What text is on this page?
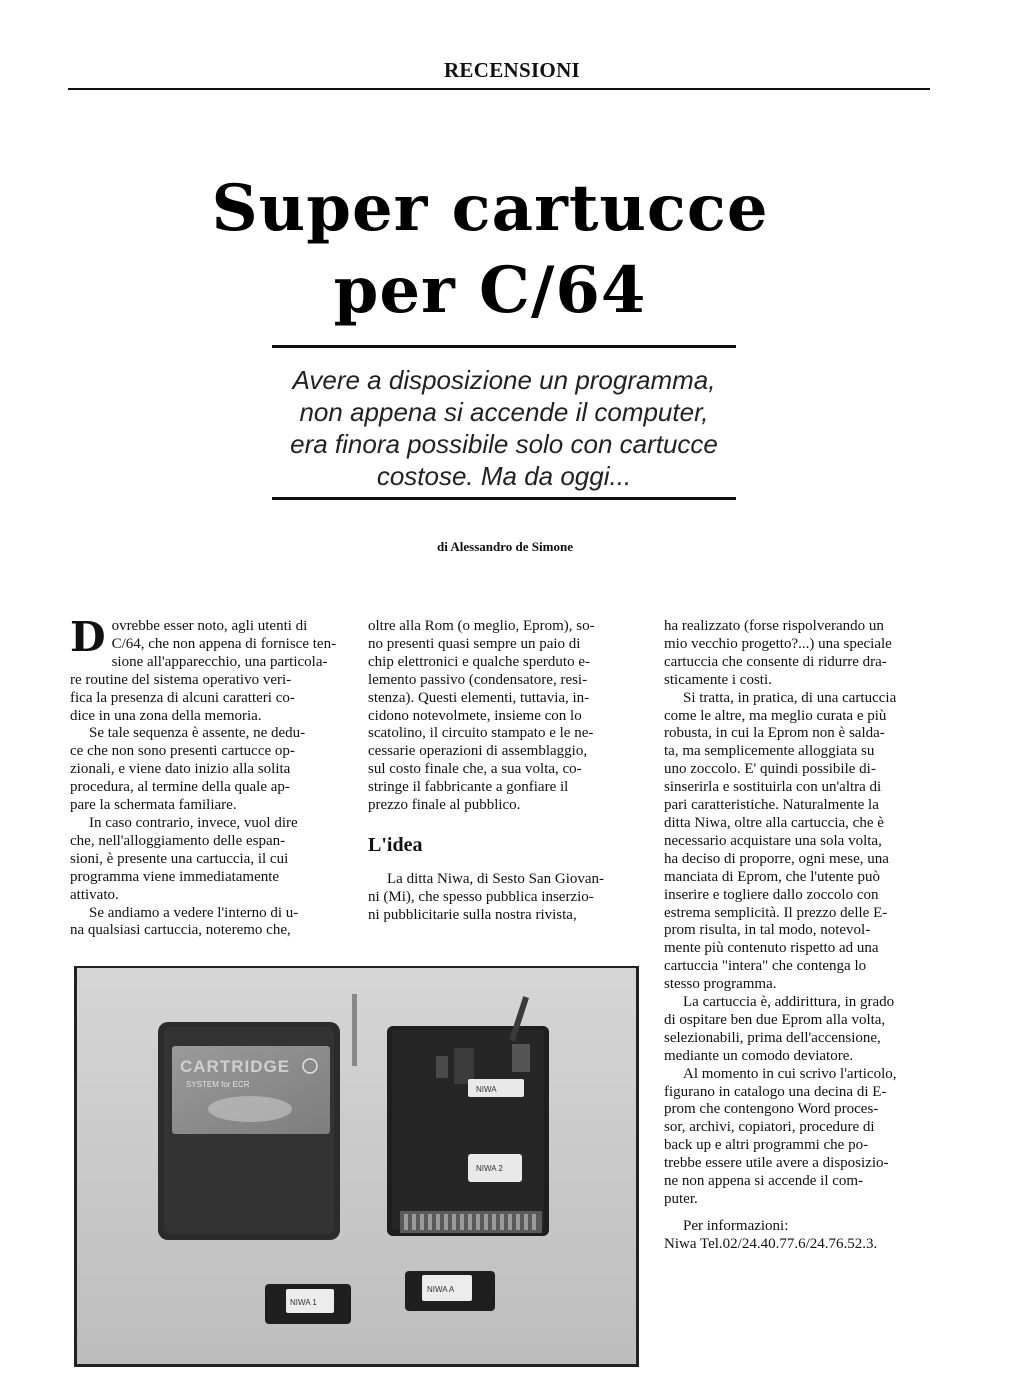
RECENSIONI
Super cartucce
per C/64
Avere a disposizione un programma,
non appena si accende il computer,
era finora possibile solo con cartucce
costose. Ma da oggi...
di Alessandro de Simone
D ovrebbe esser noto, agli utenti di
C/64, che non appena di fornisce ten-
sione all'apparecchio, una particola-
re routine del sistema operativo veri-
fica la presenza di alcuni caratteri co-
dice in una zona della memoria.
Se tale sequenza è assente, ne dedu-
ce che non sono presenti cartucce op-
zionali, e viene dato inizio alla solita
procedura, al termine della quale ap-
pare la schermata familiare.
In caso contrario, invece, vuol dire
che, nell'alloggiamento delle espan-
sioni, è presente una cartuccia, il cui
programma viene immediatamente
attivato.
Se andiamo a vedere l'interno di u-
na qualsiasi cartuccia, noteremo che,
oltre alla Rom (o meglio, Eprom), so-
no presenti quasi sempre un paio di
chip elettronici e qualche sperduto e-
lemento passivo (condensatore, resi-
stenza). Questi elementi, tuttavia, in-
cidono notevolmete, insieme con lo
scatolino, il circuito stampato e le ne-
cessarie operazioni di assemblaggio,
sul costo finale che, a sua volta, co-
stringe il fabbricante a gonfiare il
prezzo finale al pubblico.
L'idea
La ditta Niwa, di Sesto San Giovan-
ni (Mi), che spesso pubblica inserzio-
ni pubblicitarie sulla nostra rivista,
ha realizzato (forse rispolverando un
mio vecchio progetto?...) una speciale
cartuccia che consente di ridurre dra-
sticamente i costi.
Si tratta, in pratica, di una cartuccia
come le altre, ma meglio curata e più
robusta, in cui la Eprom non è salda-
ta, ma semplicemente alloggiata su
uno zoccolo. E' quindi possibile di-
sinserirla e sostituirla con un'altra di
pari caratteristiche. Naturalmente la
ditta Niwa, oltre alla cartuccia, che è
necessario acquistare una sola volta,
ha deciso di proporre, ogni mese, una
manciata di Eprom, che l'utente può
inserire e togliere dallo zoccolo con
estrema semplicità. Il prezzo delle E-
prom risulta, in tal modo, notevol-
mente più contenuto rispetto ad una
cartuccia "intera" che contenga lo
stesso programma.
La cartuccia è, addirittura, in grado
di ospitare ben due Eprom alla volta,
selezionabili, prima dell'accensione,
mediante un comodo deviatore.
Al momento in cui scrivo l'articolo,
figurano in catalogo una decina di E-
prom che contengono Word proces-
sor, archivi, copiatori, procedure di
back up e altri programmi che po-
trebbe essere utile avere a disposizio-
ne non appena si accende il com-
puter.
Per informazioni:
Niwa Tel.02/24.40.77.6/24.76.52.3.
CARTRIDGE
SYSTEM for ECR
NIWA
NIWA 2
NIWA 1
NIWA A
